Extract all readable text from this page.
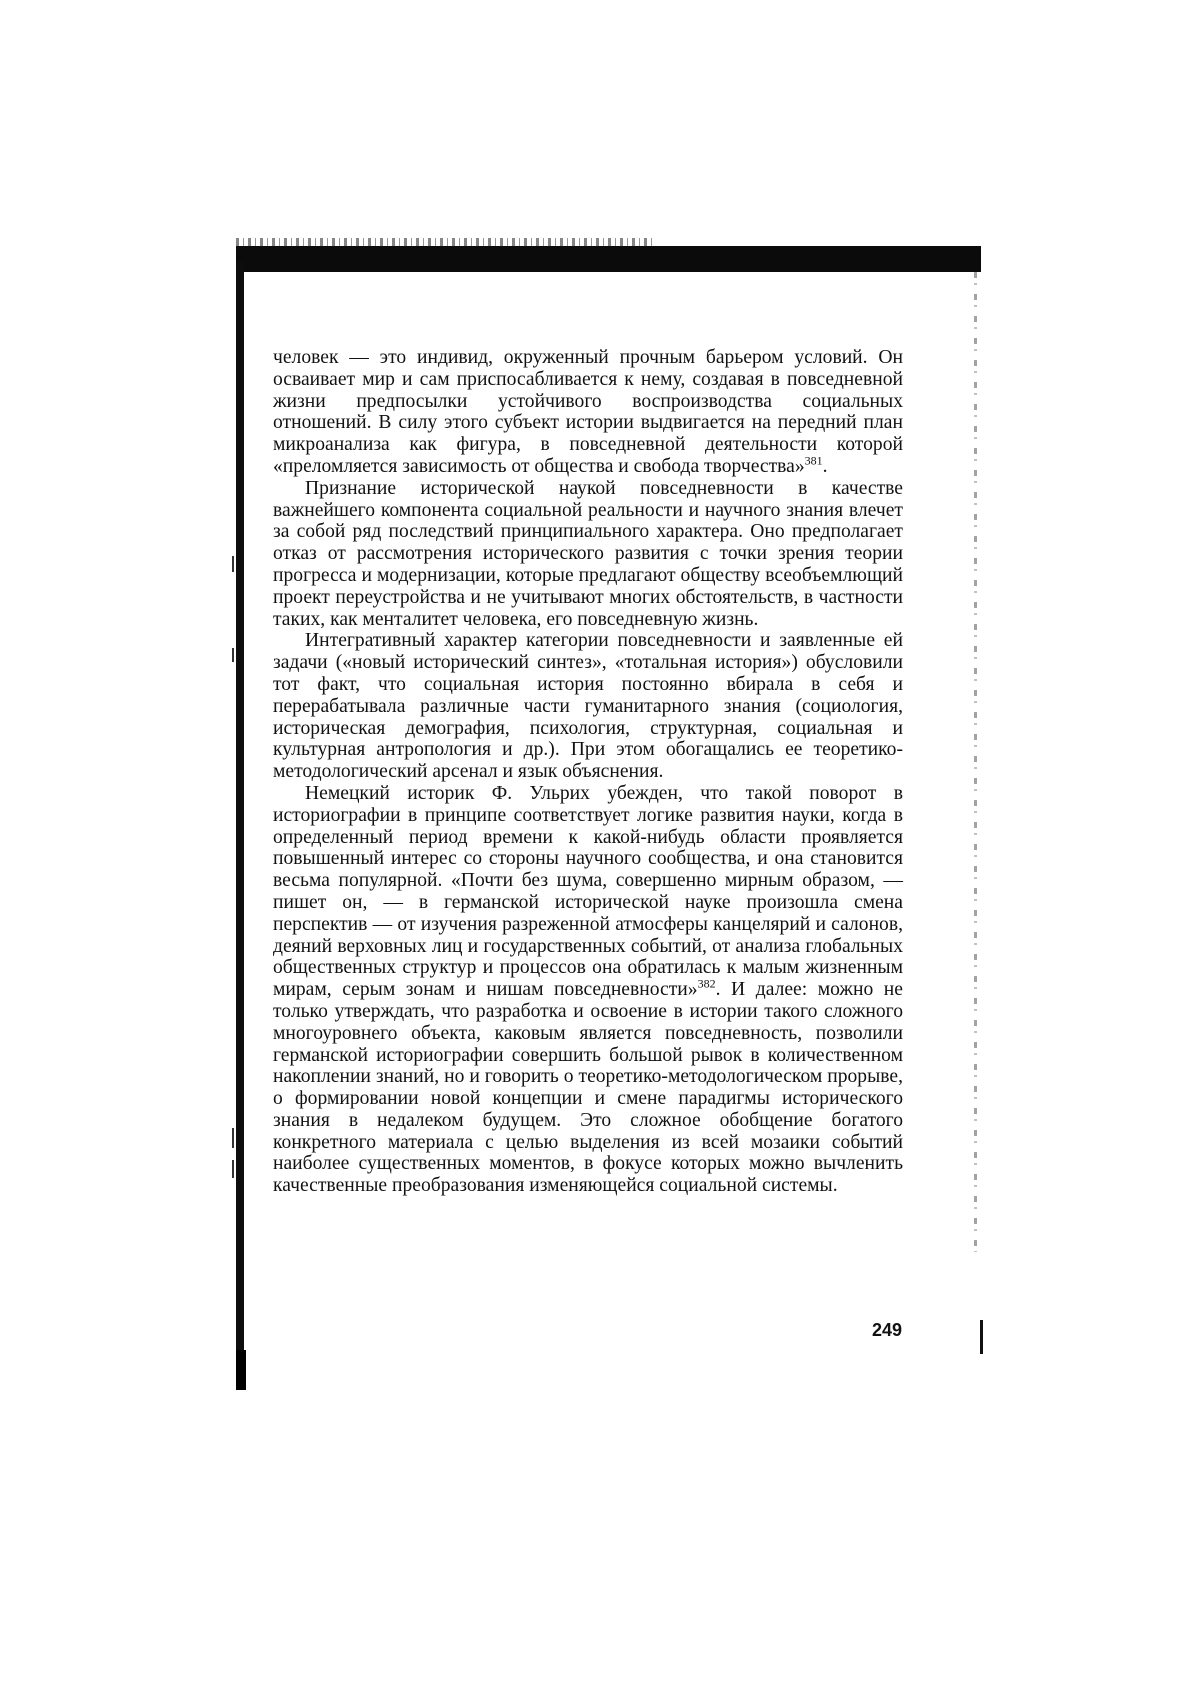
человек — это индивид, окруженный прочным барьером условий. Он осваивает мир и сам приспосабливается к нему, создавая в повседневной жизни предпосылки устойчивого воспроизводства социальных отношений. В силу этого субъект истории выдвигается на передний план микроанализа как фигура, в повседневной деятельности которой «преломляется зависимость от общества и свобода творчества»$^{381}$.

Признание исторической наукой повседневности в качестве важнейшего компонента социальной реальности и научного знания влечет за собой ряд последствий принципиального характера. Оно предполагает отказ от рассмотрения исторического развития с точки зрения теории прогресса и модернизации, которые предлагают обществу всеобъемлющий проект переустройства и не учитывают многих обстоятельств, в частности таких, как менталитет человека, его повседневную жизнь.

Интегративный характер категории повседневности и заявленные ей задачи («новый исторический синтез», «тотальная история») обусловили тот факт, что социальная история постоянно вбирала в себя и перерабатывала различные части гуманитарного знания (социология, историческая демография, психология, структурная, социальная и культурная антропология и др.). При этом обогащались ее теоретико-методологический арсенал и язык объяснения.

Немецкий историк Ф. Ульрих убежден, что такой поворот в историографии в принципе соответствует логике развития науки, когда в определенный период времени к какой-нибудь области проявляется повышенный интерес со стороны научного сообщества, и она становится весьма популярной. «Почти без шума, совершенно мирным образом, — пишет он, — в германской исторической науке произошла смена перспектив — от изучения разреженной атмосферы канцелярий и салонов, деяний верховных лиц и государственных событий, от анализа глобальных общественных структур и процессов она обратилась к малым жизненным мирам, серым зонам и нишам повседневности»$^{382}$. И далее: можно не только утверждать, что разработка и освоение в истории такого сложного многоуровнего объекта, каковым является повседневность, позволили германской историографии совершить большой рывок в количественном накоплении знаний, но и говорить о теоретико-методологическом прорыве, о формировании новой концепции и смене парадигмы исторического знания в недалеком будущем. Это сложное обобщение богатого конкретного материала с целью выделения из всей мозаики событий наиболее существенных моментов, в фокусе которых можно вычленить качественные преобразования изменяющейся социальной системы.

249
